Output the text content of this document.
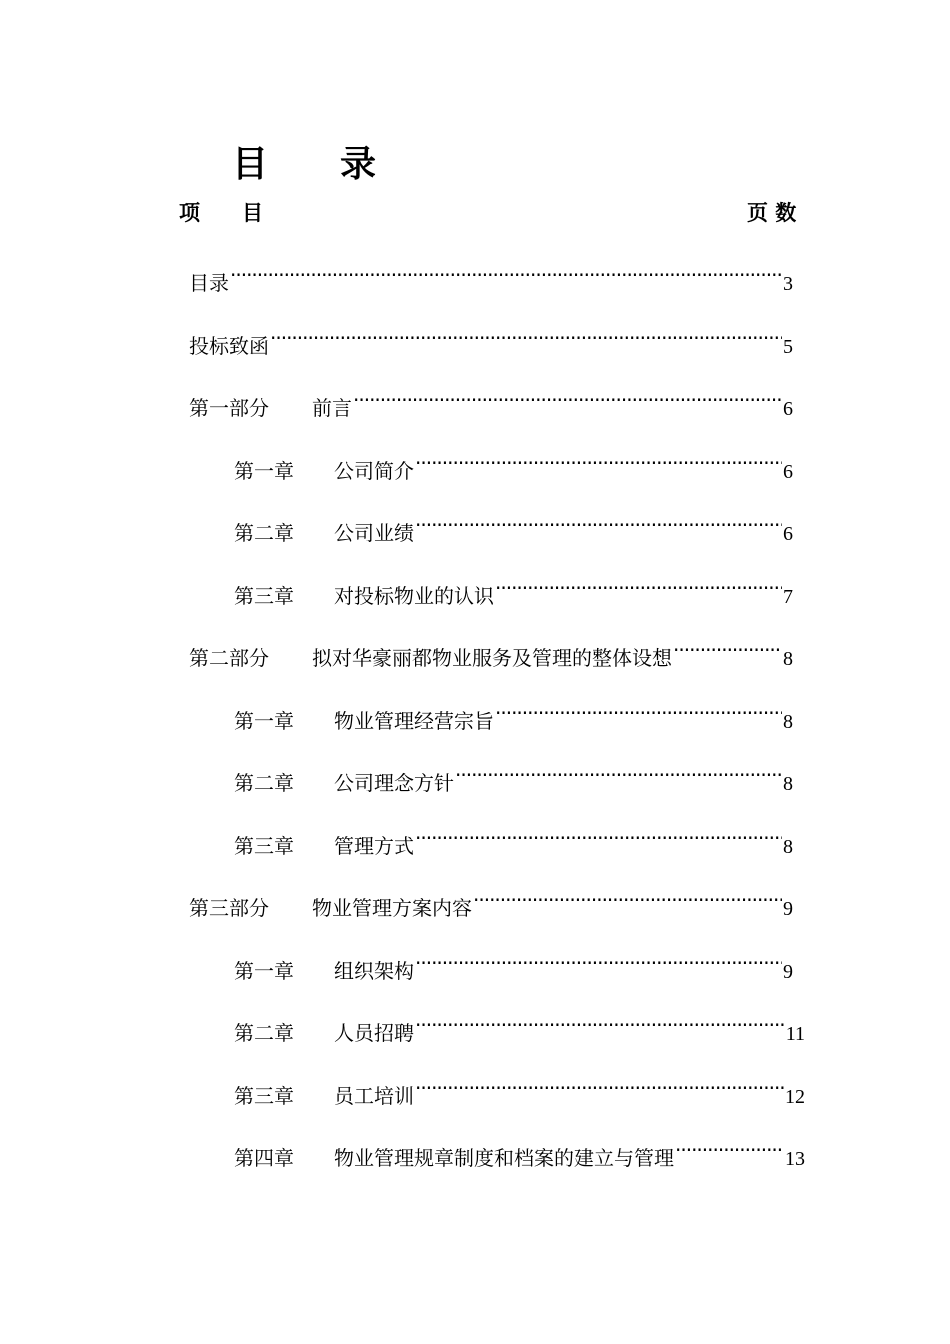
目　　录
项　　目	页 数
目录 ·····	3
投标致函 ·····	5
第一部分 前言 ·····	6
第一章 公司简介 ·····	6
第二章 公司业绩 ·····	6
第三章 对投标物业的认识 ·····	7
第二部分 拟对华豪丽都物业服务及管理的整体设想 ·····	8
第一章 物业管理经营宗旨 ·····	8
第二章 公司理念方针 ·····	8
第三章 管理方式 ·····	8
第三部分 物业管理方案内容 ·····	9
第一章 组织架构 ·····	9
第二章 人员招聘 ·····	11
第三章 员工培训 ·····	12
第四章 物业管理规章制度和档案的建立与管理 ·····	13
